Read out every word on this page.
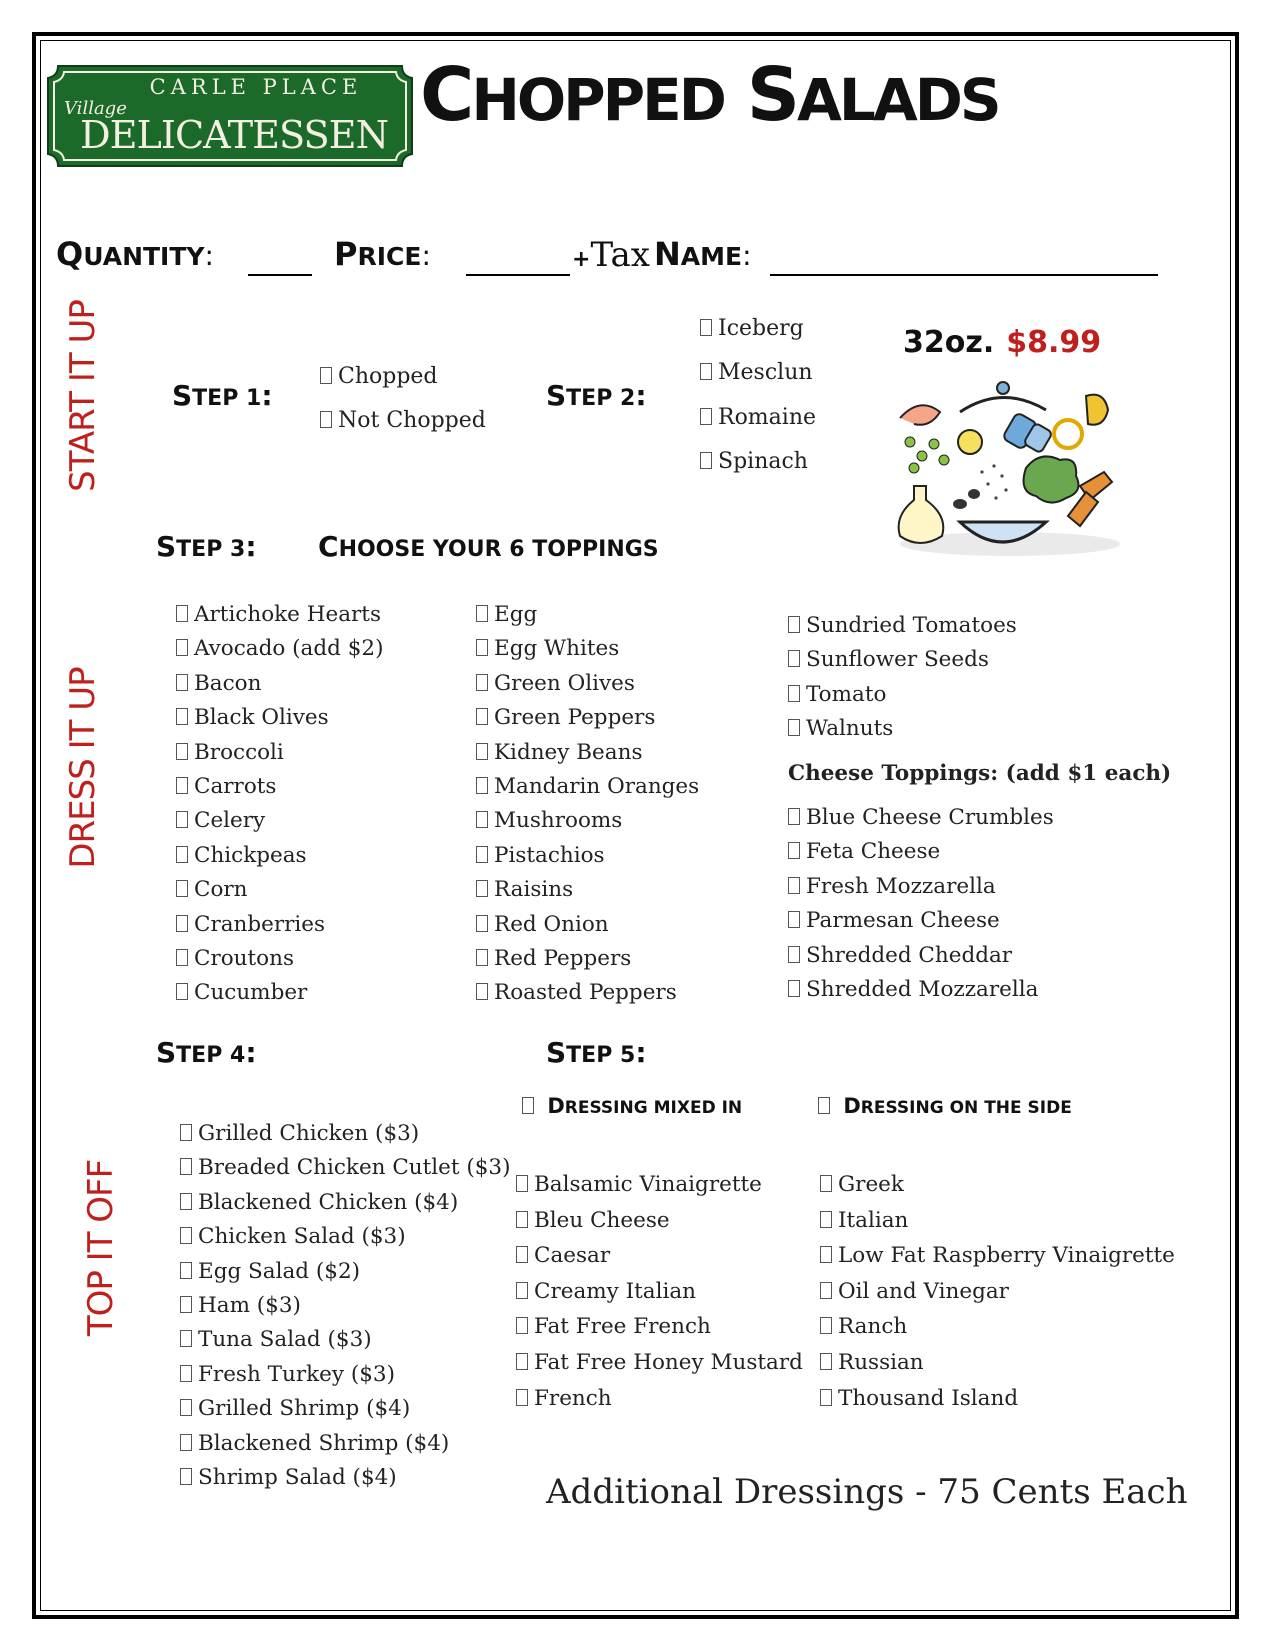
CARLE PLACE
Village
DELICATESSEN CHOPPED SALADS
QUANTITY:	PRICE:	+Tax NAME:
START IT UP
DRESS IT UP
TOP IT OFF
STEP 1:
Chopped
Not Chopped
STEP 2:
Iceberg
Mesclun
Romaine
Spinach
32oz. $8.99
STEP 3: CHOOSE YOUR 6 TOPPINGS
Artichoke Hearts
Avocado (add $2)
Bacon
Black Olives
Broccoli
Carrots
Celery
Chickpeas
Corn
Cranberries
Croutons
Cucumber
Egg
Egg Whites
Green Olives
Green Peppers
Kidney Beans
Mandarin Oranges
Mushrooms
Pistachios
Raisins
Red Onion
Red Peppers
Roasted Peppers
Sundried Tomatoes
Sunflower Seeds
Tomato
Walnuts
Cheese Toppings: (add $1 each)
Blue Cheese Crumbles
Feta Cheese
Fresh Mozzarella
Parmesan Cheese
Shredded Cheddar
Shredded Mozzarella
STEP 4:
Grilled Chicken ($3)
Breaded Chicken Cutlet ($3)
Blackened Chicken ($4)
Chicken Salad ($3)
Egg Salad ($2)
Ham ($3)
Tuna Salad ($3)
Fresh Turkey ($3)
Grilled Shrimp ($4)
Blackened Shrimp ($4)
Shrimp Salad ($4)
STEP 5:
DRESSING MIXED IN	DRESSING ON THE SIDE
Balsamic Vinaigrette
Bleu Cheese
Caesar
Creamy Italian
Fat Free French
Fat Free Honey Mustard
French
Greek
Italian
Low Fat Raspberry Vinaigrette
Oil and Vinegar
Ranch
Russian
Thousand Island
Additional Dressings - 75 Cents Each
